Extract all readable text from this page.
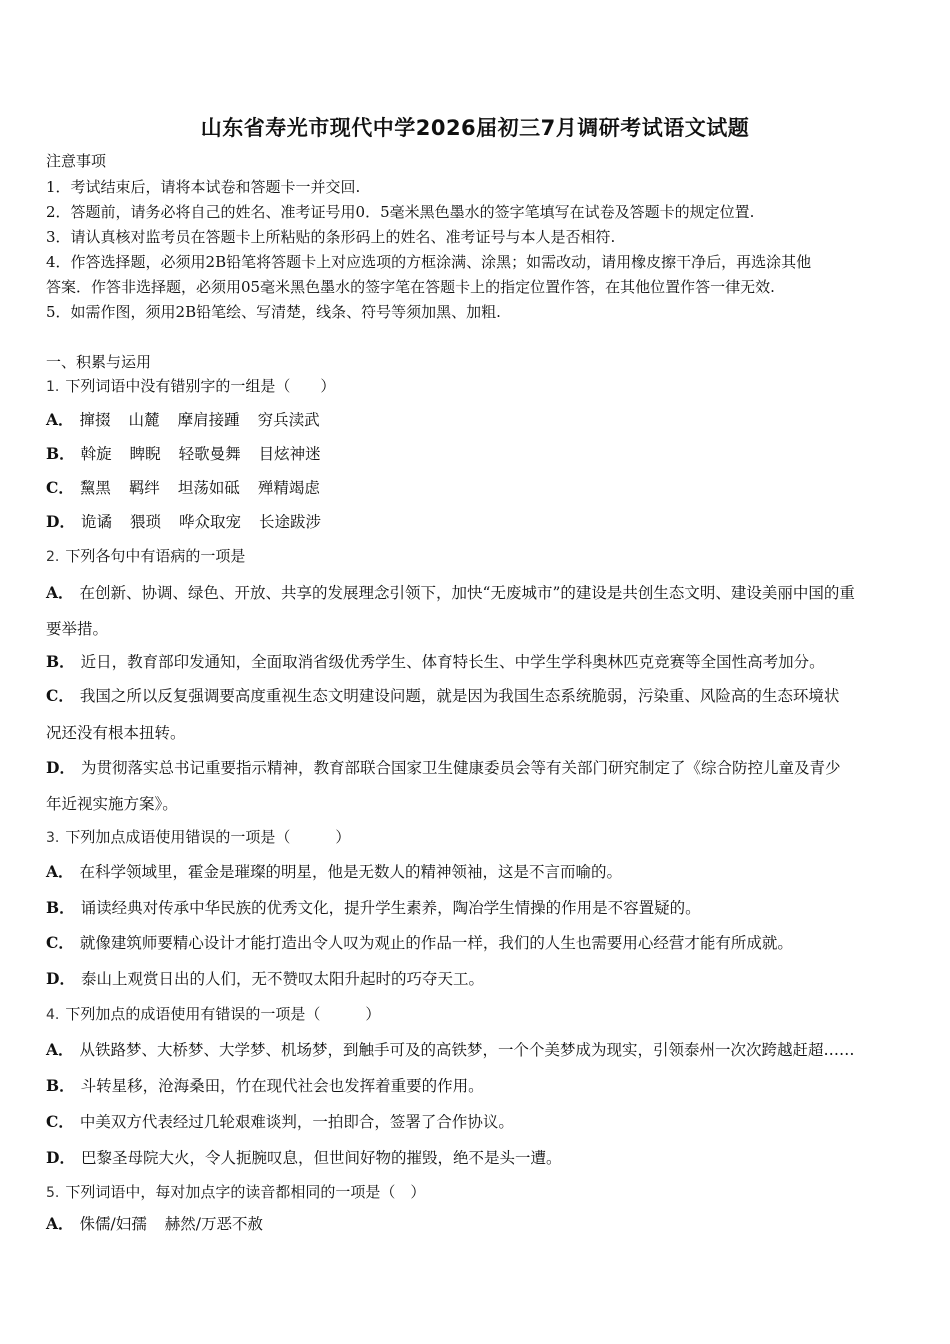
山东省寿光市现代中学2026届初三7月调研考试语文试题
注意事项
1．考试结束后，请将本试卷和答题卡一并交回.
2．答题前，请务必将自己的姓名、准考证号用0．5毫米黑色墨水的签字笔填写在试卷及答题卡的规定位置.
3．请认真核对监考员在答题卡上所粘贴的条形码上的姓名、准考证号与本人是否相符.
4．作答选择题，必须用2B铅笔将答题卡上对应选项的方框涂满、涂黑；如需改动，请用橡皮擦干净后，再选涂其他
答案．作答非选择题，必须用05毫米黑色墨水的签字笔在答题卡上的指定位置作答，在其他位置作答一律无效.
5．如需作图，须用2B铅笔绘、写清楚，线条、符号等须加黑、加粗.
一、积累与运用
1. 下列词语中没有错别字的一组是（　　）
A． 撺掇 山麓 摩肩接踵 穷兵渎武
B． 斡旋 睥睨 轻歌曼舞 目炫神迷
C． 黧黑 羁绊 坦荡如砥 殚精竭虑
D． 诡谲 猥琐 哗众取宠 长途跋涉
2. 下列各句中有语病的一项是
A． 在创新、协调、绿色、开放、共享的发展理念引领下，加快“无废城市”的建设是共创生态文明、建设美丽中国的重
要举措。
B． 近日，教育部印发通知，全面取消省级优秀学生、体育特长生、中学生学科奥林匹克竞赛等全国性高考加分。
C． 我国之所以反复强调要高度重视生态文明建设问题，就是因为我国生态系统脆弱，污染重、风险高的生态环境状
况还没有根本扭转。
D． 为贯彻落实总书记重要指示精神，教育部联合国家卫生健康委员会等有关部门研究制定了《综合防控儿童及青少
年近视实施方案》。
3. 下列加点成语使用错误的一项是（　　　）
A． 在科学领域里，霍金是璀璨的明星，他是无数人的精神领袖，这是不言而喻的。
B． 诵读经典对传承中华民族的优秀文化，提升学生素养，陶冶学生情操的作用是不容置疑的。
C． 就像建筑师要精心设计才能打造出令人叹为观止的作品一样，我们的人生也需要用心经营才能有所成就。
D． 泰山上观赏日出的人们，无不赞叹太阳升起时的巧夺天工。
4. 下列加点的成语使用有错误的一项是（　　　）
A． 从铁路梦、大桥梦、大学梦、机场梦，到触手可及的高铁梦，一个个美梦成为现实，引领泰州一次次跨越赶超……
B． 斗转星移，沧海桑田，竹在现代社会也发挥着重要的作用。
C． 中美双方代表经过几轮艰难谈判，一拍即合，签署了合作协议。
D． 巴黎圣母院大火，令人扼腕叹息，但世间好物的摧毁，绝不是头一遭。
5. 下列词语中，每对加点字的读音都相同的一项是（　）
A． 侏儒/妇孺 赫然/万恶不赦
